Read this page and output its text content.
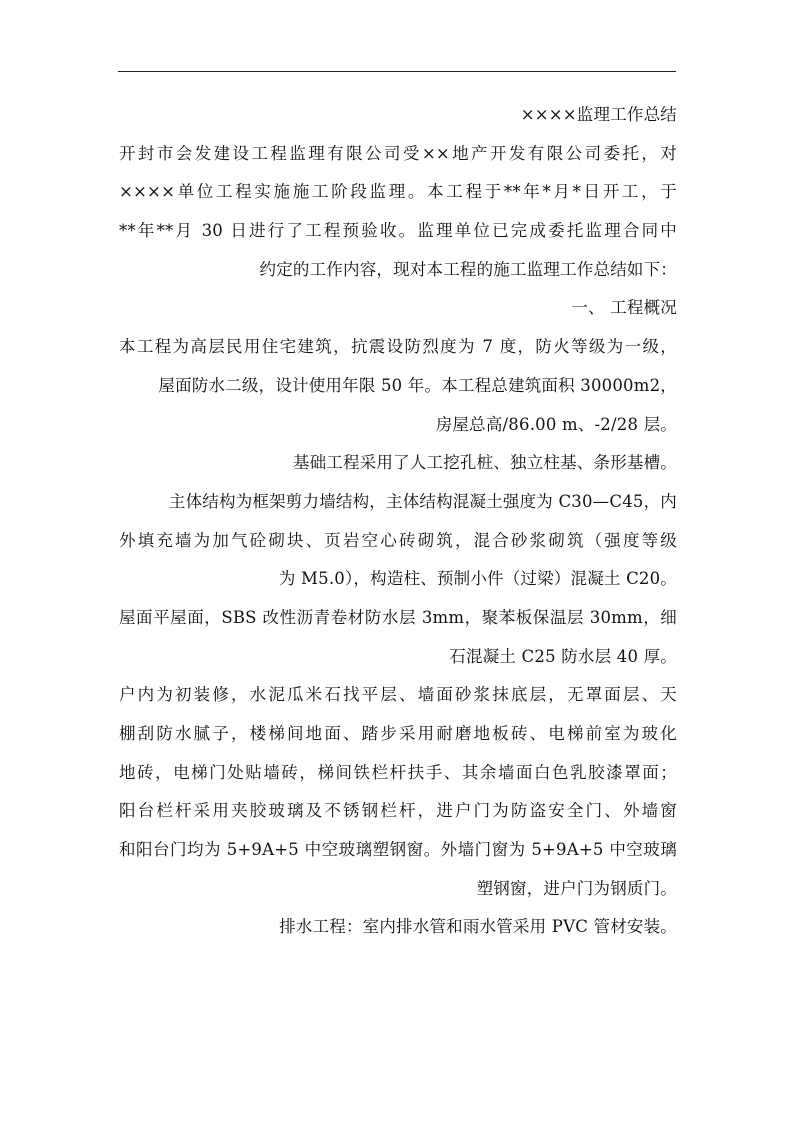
××××监理工作总结
开封市会发建设工程监理有限公司受××地产开发有限公司委托，对
××××单位工程实施施工阶段监理。本工程于**年*月*日开工，于
**年**月 30 日进行了工程预验收。监理单位已完成委托监理合同中
约定的工作内容，现对本工程的施工监理工作总结如下：
一、 工程概况
本工程为高层民用住宅建筑，抗震设防烈度为 7 度，防火等级为一级，
屋面防水二级，设计使用年限 50 年。本工程总建筑面积 30000m2，
房屋总高/86.00 m、-2/28 层。
基础工程采用了人工挖孔桩、独立柱基、条形基槽。
主体结构为框架剪力墙结构，主体结构混凝土强度为 C30—C45，内
外填充墙为加气砼砌块、页岩空心砖砌筑，混合砂浆砌筑（强度等级
为 M5.0），构造柱、预制小件（过梁）混凝土 C20。
屋面平屋面，SBS 改性沥青卷材防水层 3mm，聚苯板保温层 30mm，细
石混凝土 C25 防水层 40 厚。
户内为初装修，水泥瓜米石找平层、墙面砂浆抹底层，无罩面层、天
棚刮防水腻子，楼梯间地面、踏步采用耐磨地板砖、电梯前室为玻化
地砖，电梯门处贴墙砖，梯间铁栏杆扶手、其余墙面白色乳胶漆罩面；
阳台栏杆采用夹胶玻璃及不锈钢栏杆，进户门为防盗安全门、外墙窗
和阳台门均为 5+9A+5 中空玻璃塑钢窗。外墙门窗为 5+9A+5 中空玻璃
塑钢窗，进户门为钢质门。
排水工程：室内排水管和雨水管采用 PVC 管材安装。
